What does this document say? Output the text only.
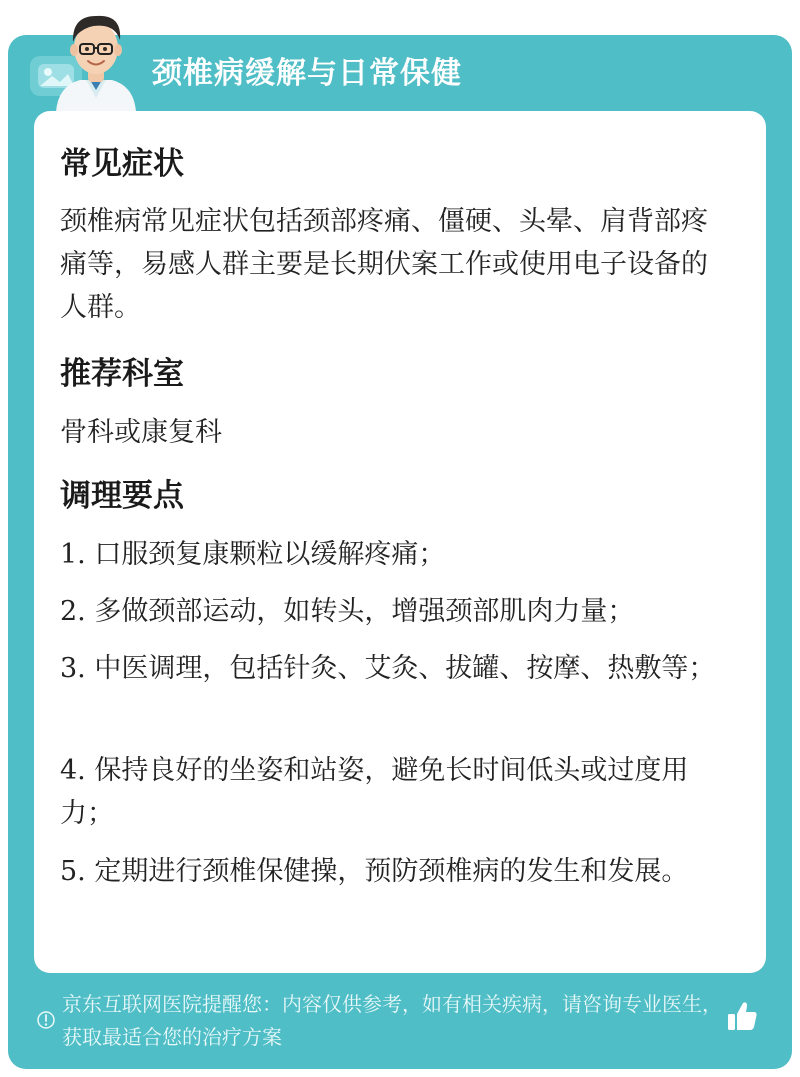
颈椎病缓解与日常保健
常见症状
颈椎病常见症状包括颈部疼痛、僵硬、头晕、肩背部疼痛等，易感人群主要是长期伏案工作或使用电子设备的人群。
推荐科室
骨科或康复科
调理要点
1. 口服颈复康颗粒以缓解疼痛；
2. 多做颈部运动，如转头，增强颈部肌肉力量；
3. 中医调理，包括针灸、艾灸、拔罐、按摩、热敷等；
4. 保持良好的坐姿和站姿，避免长时间低头或过度用力；
5. 定期进行颈椎保健操，预防颈椎病的发生和发展。
京东互联网医院提醒您：内容仅供参考，如有相关疾病，请咨询专业医生，获取最适合您的治疗方案
